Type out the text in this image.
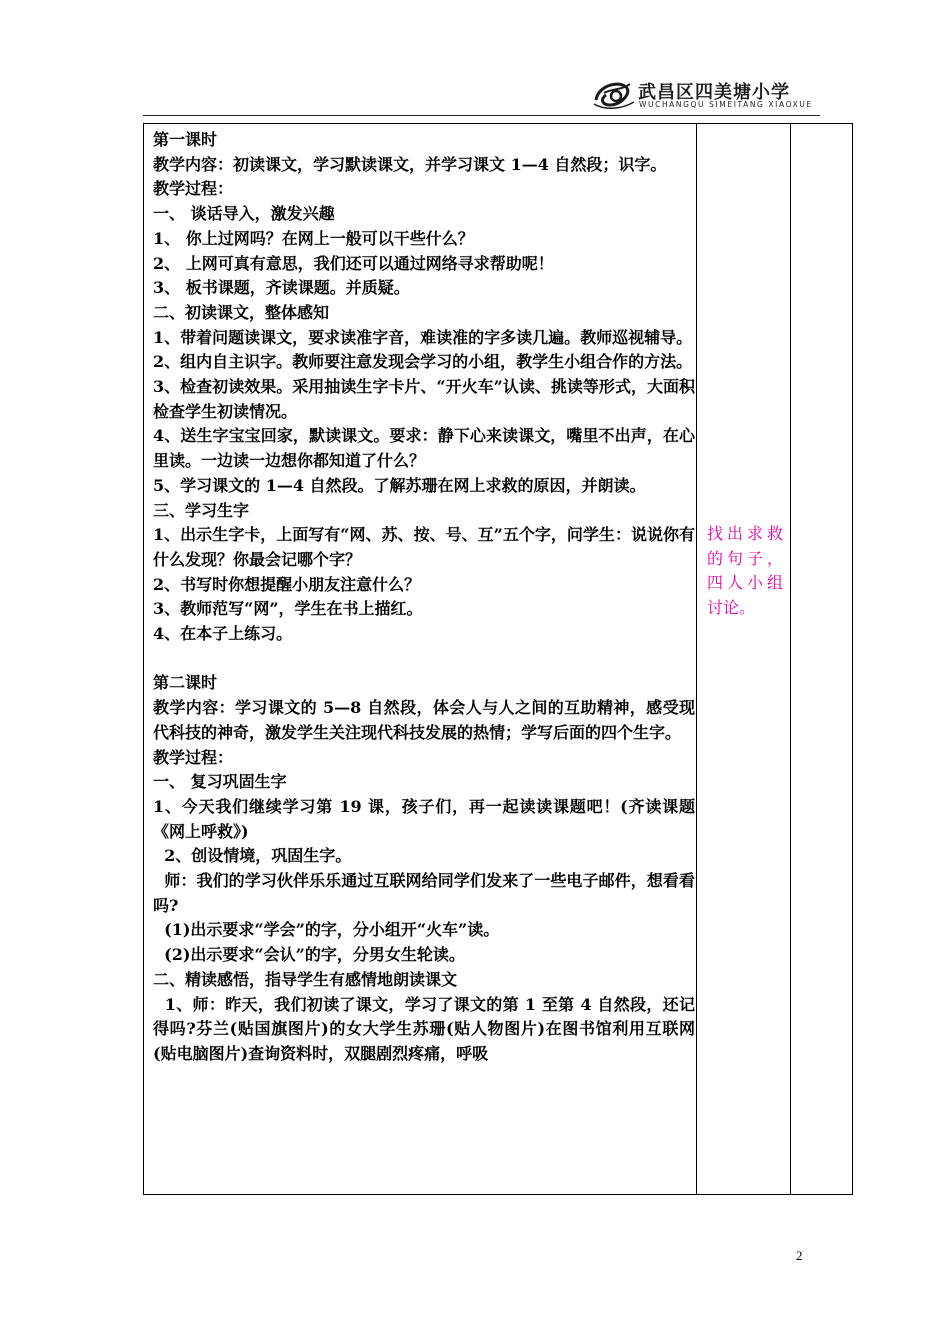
武昌区四美塘小学
WUCHANGQU SIMEITANG XIAOXUE

第一课时

教学内容：初读课文，学习默读课文，并学习课文 1—4 自然段；识字。

教学过程：

一、 谈话导入，激发兴趣

1、 你上过网吗？在网上一般可以干些什么？

2、 上网可真有意思，我们还可以通过网络寻求帮助呢！

3、 板书课题，齐读课题。并质疑。

二、初读课文，整体感知

1、带着问题读课文，要求读准字音，难读准的字多读几遍。教师巡视辅导。

2、组内自主识字。教师要注意发现会学习的小组，教学生小组合作的方法。

3、检查初读效果。采用抽读生字卡片、“开火车”认读、挑读等形式，大面积检查学生初读情况。

4、送生字宝宝回家，默读课文。要求：静下心来读课文，嘴里不出声，在心里读。一边读一边想你都知道了什么？

5、学习课文的 1—4 自然段。了解苏珊在网上求救的原因，并朗读。

三、学习生字

1、出示生字卡，上面写有“网、苏、按、号、互”五个字，问学生：说说你有什么发现？你最会记哪个字？

2、书写时你想提醒小朋友注意什么？

3、教师范写“网”，学生在书上描红。

4、在本子上练习。

第二课时

教学内容：学习课文的 5—8 自然段，体会人与人之间的互助精神，感受现代科技的神奇，激发学生关注现代科技发展的热情；学写后面的四个生字。

教学过程：

一、 复习巩固生字

1、今天我们继续学习第 19 课，孩子们，再一起读读课题吧！(齐读课题《网上呼救》)

2、创设情境，巩固生字。

师：我们的学习伙伴乐乐通过互联网给同学们发来了一些电子邮件，想看看吗?

(1)出示要求“学会”的字，分小组开“火车”读。

(2)出示要求“会认”的字，分男女生轮读。

二、精读感悟，指导学生有感情地朗读课文

1、师：昨天，我们初读了课文，学习了课文的第 1 至第 4 自然段，还记得吗?芬兰(贴国旗图片)的女大学生苏珊(贴人物图片)在图书馆利用互联网(贴电脑图片)查询资料时，双腿剧烈疼痛，呼吸

找出求救的句子，四人小组讨论。
2
